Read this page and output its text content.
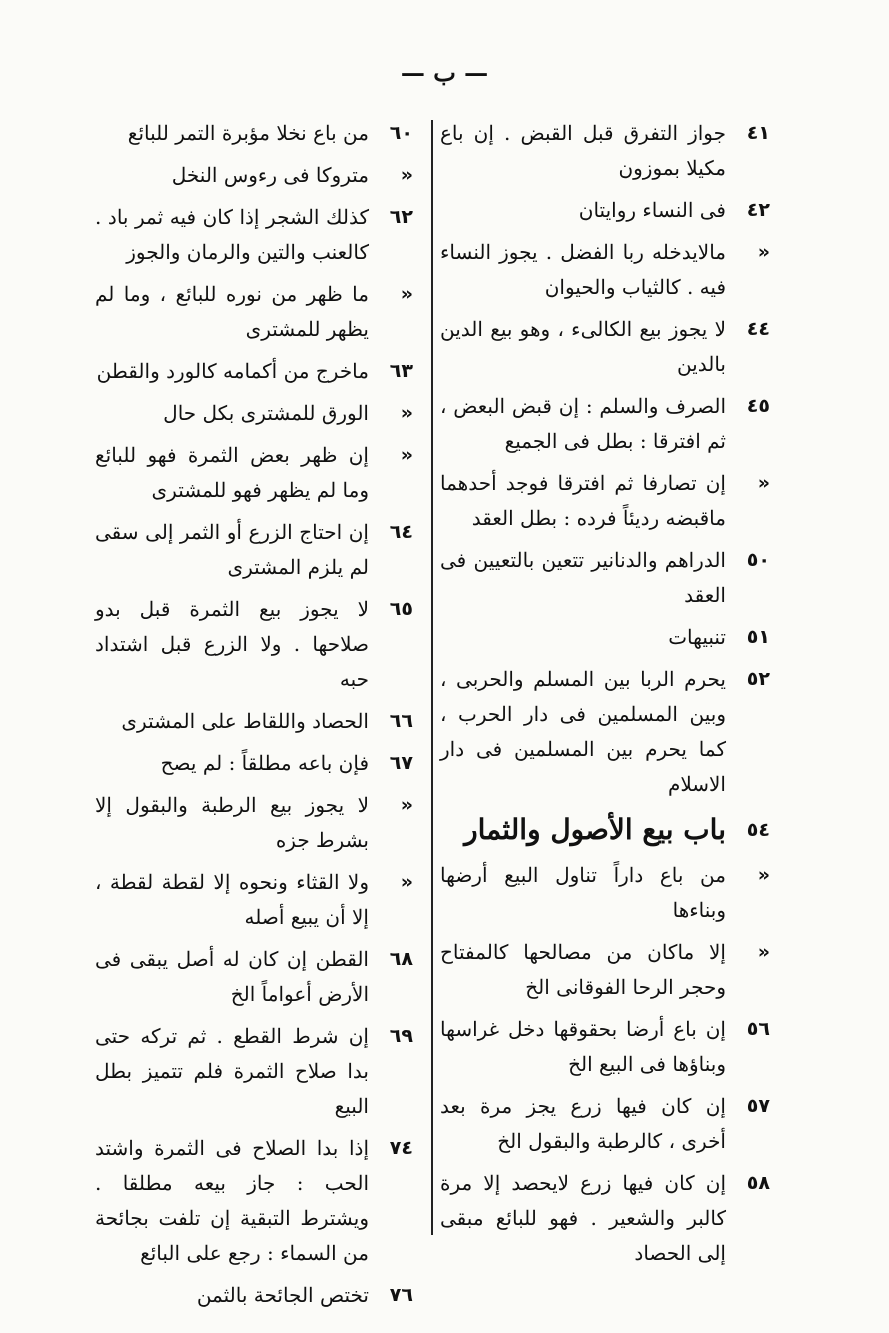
— ب —
٤١
جواز التفرق قبل القبض . إن باع مكيلا بموزون
٤٢
فى النساء روايتان
«
مالايدخله ربا الفضل . يجوز النساء فيه . كالثياب والحيوان
٤٤
لا يجوز بيع الكالىء ، وهو بيع الدين بالدين
٤٥
الصرف والسلم : إن قبض البعض ، ثم افترقا : بطل فى الجميع
«
إن تصارفا ثم افترقا فوجد أحدهما ماقبضه رديئاً فرده : بطل العقد
٥٠
الدراهم والدنانير تتعين بالتعيين فى العقد
٥١
تنبيهات
٥٢
يحرم الربا بين المسلم والحربى ، وبين المسلمين فى دار الحرب ، كما يحرم بين المسلمين فى دار الاسلام
٥٤
باب بيع الأصول والثمار
«
من باع داراً تناول البيع أرضها وبناءها
«
إلا ماكان من مصالحها كالمفتاح وحجر الرحا الفوقانى الخ
٥٦
إن باع أرضا بحقوقها دخل غراسها وبناؤها فى البيع الخ
٥٧
إن كان فيها زرع يجز مرة بعد أخرى ، كالرطبة والبقول الخ
٥٨
إن كان فيها زرع لايحصد إلا مرة كالبر والشعير . فهو للبائع مبقى إلى الحصاد
٦٠
من باع نخلا مؤبرة التمر للبائع
«
متروكا فى رءوس النخل
٦٢
كذلك الشجر إذا كان فيه ثمر باد . كالعنب والتين والرمان والجوز
«
ما ظهر من نوره للبائع ، وما لم يظهر للمشترى
٦٣
ماخرج من أكمامه كالورد والقطن
«
الورق للمشترى بكل حال
«
إن ظهر بعض الثمرة فهو للبائع وما لم يظهر فهو للمشترى
٦٤
إن احتاج الزرع أو الثمر إلى سقى لم يلزم المشترى
٦٥
لا يجوز بيع الثمرة قبل بدو صلاحها . ولا الزرع قبل اشتداد حبه
٦٦
الحصاد واللقاط على المشترى
٦٧
فإن باعه مطلقاً : لم يصح
«
لا يجوز بيع الرطبة والبقول إلا بشرط جزه
«
ولا القثاء ونحوه إلا لقطة لقطة ، إلا أن يبيع أصله
٦٨
القطن إن كان له أصل يبقى فى الأرض أعواماً الخ
٦٩
إن شرط القطع . ثم تركه حتى بدا صلاح الثمرة فلم تتميز بطل البيع
٧٤
إذا بدا الصلاح فى الثمرة واشتد الحب : جاز بيعه مطلقا . ويشترط التبقية إن تلفت بجائحة من السماء : رجع على البائع
٧٦
تختص الجائحة بالثمن
